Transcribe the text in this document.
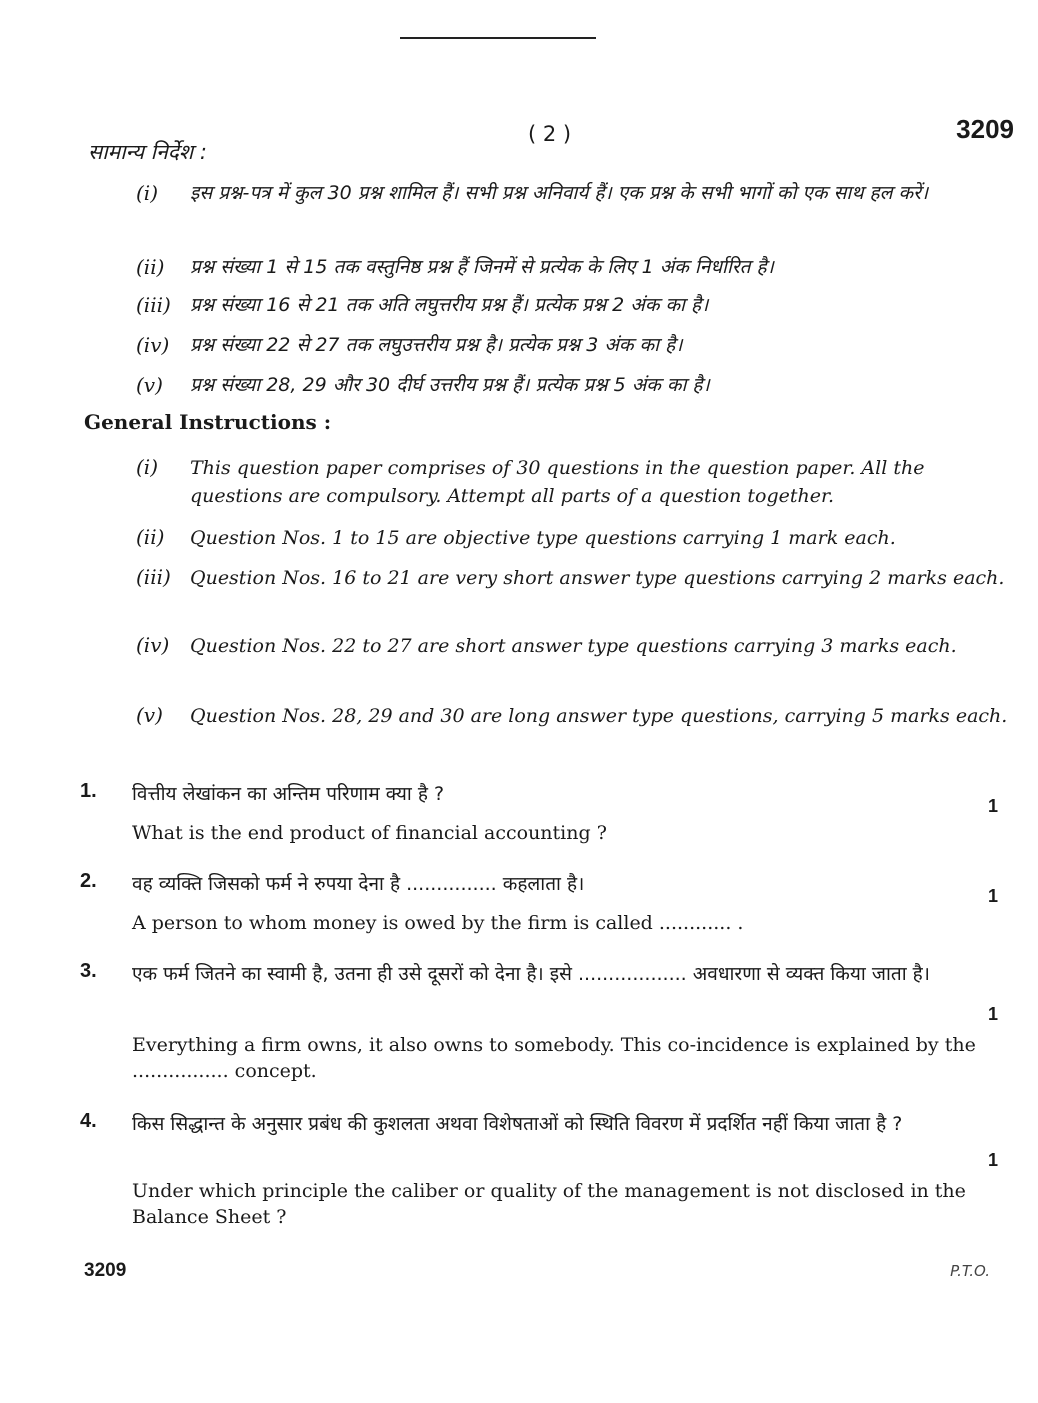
( 2 )	3209
सामान्य निर्देश :
(i)	इस प्रश्न-पत्र में कुल 30 प्रश्न शामिल हैं। सभी प्रश्न अनिवार्य हैं। एक प्रश्न के सभी भागों को एक साथ हल करें।
(ii)	प्रश्न संख्या 1 से 15 तक वस्तुनिष्ठ प्रश्न हैं जिनमें से प्रत्येक के लिए 1 अंक निर्धारित है।
(iii)	प्रश्न संख्या 16 से 21 तक अति लघुत्तरीय प्रश्न हैं। प्रत्येक प्रश्न 2 अंक का है।
(iv)	प्रश्न संख्या 22 से 27 तक लघुउत्तरीय प्रश्न है। प्रत्येक प्रश्न 3 अंक का है।
(v)	प्रश्न संख्या 28, 29 और 30 दीर्घ उत्तरीय प्रश्न हैं। प्रत्येक प्रश्न 5 अंक का है।
General Instructions :
(i)	This question paper comprises of 30 questions in the question paper. All the questions are compulsory. Attempt all parts of a question together.
(ii)	Question Nos. 1 to 15 are objective type questions carrying 1 mark each.
(iii)	Question Nos. 16 to 21 are very short answer type questions carrying 2 marks each.
(iv)	Question Nos. 22 to 27 are short answer type questions carrying 3 marks each.
(v)	Question Nos. 28, 29 and 30 are long answer type questions, carrying 5 marks each.
1. वित्तीय लेखांकन का अन्तिम परिणाम क्या है ?
1
What is the end product of financial accounting ?
2. वह व्यक्ति जिसको फर्म ने रुपया देना है ............... कहलाता है।
1
A person to whom money is owed by the firm is called ............ .
3. एक फर्म जितने का स्वामी है, उतना ही उसे दूसरों को देना है। इसे .................. अवधारणा से व्यक्त किया जाता है।
1
Everything a firm owns, it also owns to somebody. This co-incidence is explained by the ................ concept.
4. किस सिद्धान्त के अनुसार प्रबंध की कुशलता अथवा विशेषताओं को स्थिति विवरण में प्रदर्शित नहीं किया जाता है ?
1
Under which principle the caliber or quality of the management is not disclosed in the Balance Sheet ?
3209	P.T.O.
